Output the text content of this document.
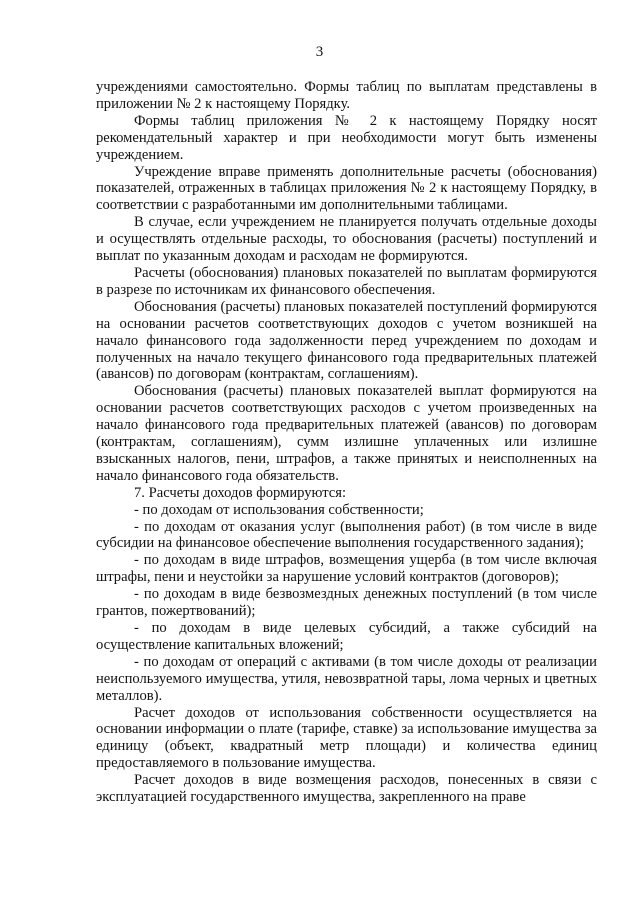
3

учреждениями самостоятельно. Формы таблиц по выплатам представлены в приложении № 2 к настоящему Порядку.

Формы таблиц приложения № 2 к настоящему Порядку носят рекомендательный характер и при необходимости могут быть изменены учреждением.

Учреждение вправе применять дополнительные расчеты (обоснования) показателей, отраженных в таблицах приложения № 2 к настоящему Порядку, в соответствии с разработанными им дополнительными таблицами.

В случае, если учреждением не планируется получать отдельные доходы и осуществлять отдельные расходы, то обоснования (расчеты) поступлений и выплат по указанным доходам и расходам не формируются.

Расчеты (обоснования) плановых показателей по выплатам формируются в разрезе по источникам их финансового обеспечения.

Обоснования (расчеты) плановых показателей поступлений формируются на основании расчетов соответствующих доходов с учетом возникшей на начало финансового года задолженности перед учреждением по доходам и полученных на начало текущего финансового года предварительных платежей (авансов) по договорам (контрактам, соглашениям).

Обоснования (расчеты) плановых показателей выплат формируются на основании расчетов соответствующих расходов с учетом произведенных на начало финансового года предварительных платежей (авансов) по договорам (контрактам, соглашениям), сумм излишне уплаченных или излишне взысканных налогов, пени, штрафов, а также принятых и неисполненных на начало финансового года обязательств.

7. Расчеты доходов формируются:

- по доходам от использования собственности;

- по доходам от оказания услуг (выполнения работ) (в том числе в виде субсидии на финансовое обеспечение выполнения государственного задания);

- по доходам в виде штрафов, возмещения ущерба (в том числе включая штрафы, пени и неустойки за нарушение условий контрактов (договоров);

- по доходам в виде безвозмездных денежных поступлений (в том числе грантов, пожертвований);

- по доходам в виде целевых субсидий, а также субсидий на осуществление капитальных вложений;

- по доходам от операций с активами (в том числе доходы от реализации неиспользуемого имущества, утиля, невозвратной тары, лома черных и цветных металлов).

Расчет доходов от использования собственности осуществляется на основании информации о плате (тарифе, ставке) за использование имущества за единицу (объект, квадратный метр площади) и количества единиц предоставляемого в пользование имущества.

Расчет доходов в виде возмещения расходов, понесенных в связи с эксплуатацией государственного имущества, закрепленного на праве
